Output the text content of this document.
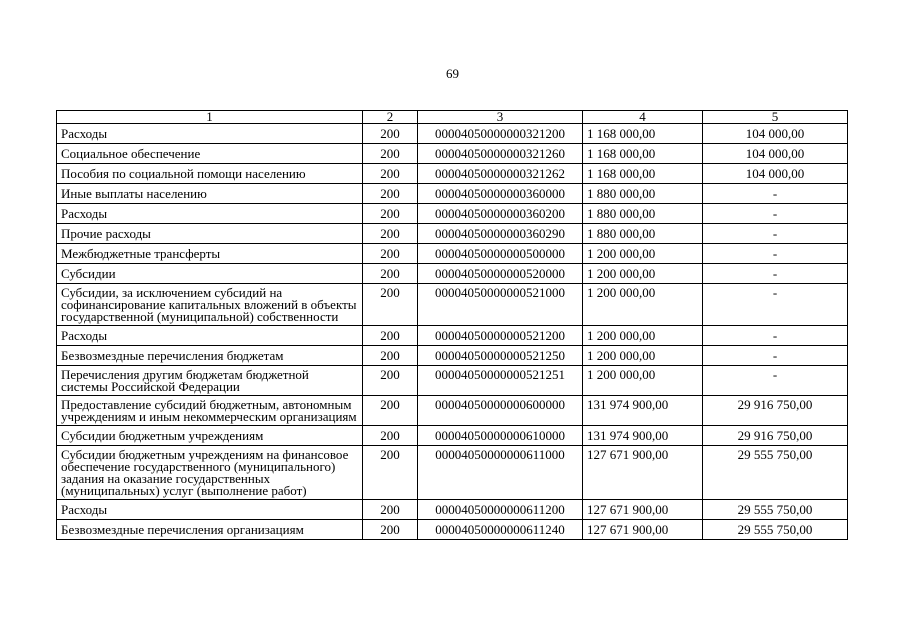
69
1	2	3	4	5
Расходы	200	00004050000000321200	1 168 000,00	104 000,00
Социальное обеспечение	200	00004050000000321260	1 168 000,00	104 000,00
Пособия по социальной помощи населению	200	00004050000000321262	1 168 000,00	104 000,00
Иные выплаты населению	200	00004050000000360000	1 880 000,00	-
Расходы	200	00004050000000360200	1 880 000,00	-
Прочие расходы	200	00004050000000360290	1 880 000,00	-
Межбюджетные трансферты	200	00004050000000500000	1 200 000,00	-
Субсидии	200	00004050000000520000	1 200 000,00	-
Субсидии, за исключением субсидий на софинансирование капитальных вложений в объекты государственной (муниципальной) собственности	200	00004050000000521000	1 200 000,00	-
Расходы	200	00004050000000521200	1 200 000,00	-
Безвозмездные перечисления бюджетам	200	00004050000000521250	1 200 000,00	-
Перечисления другим бюджетам бюджетной системы Российской Федерации	200	00004050000000521251	1 200 000,00	-
Предоставление субсидий бюджетным, автономным учреждениям и иным некоммерческим организациям	200	00004050000000600000	131 974 900,00	29 916 750,00
Субсидии бюджетным учреждениям	200	00004050000000610000	131 974 900,00	29 916 750,00
Субсидии бюджетным учреждениям на финансовое обеспечение государственного (муниципального) задания на оказание государственных (муниципальных) услуг (выполнение работ)	200	00004050000000611000	127 671 900,00	29 555 750,00
Расходы	200	00004050000000611200	127 671 900,00	29 555 750,00
Безвозмездные перечисления организациям	200	00004050000000611240	127 671 900,00	29 555 750,00
